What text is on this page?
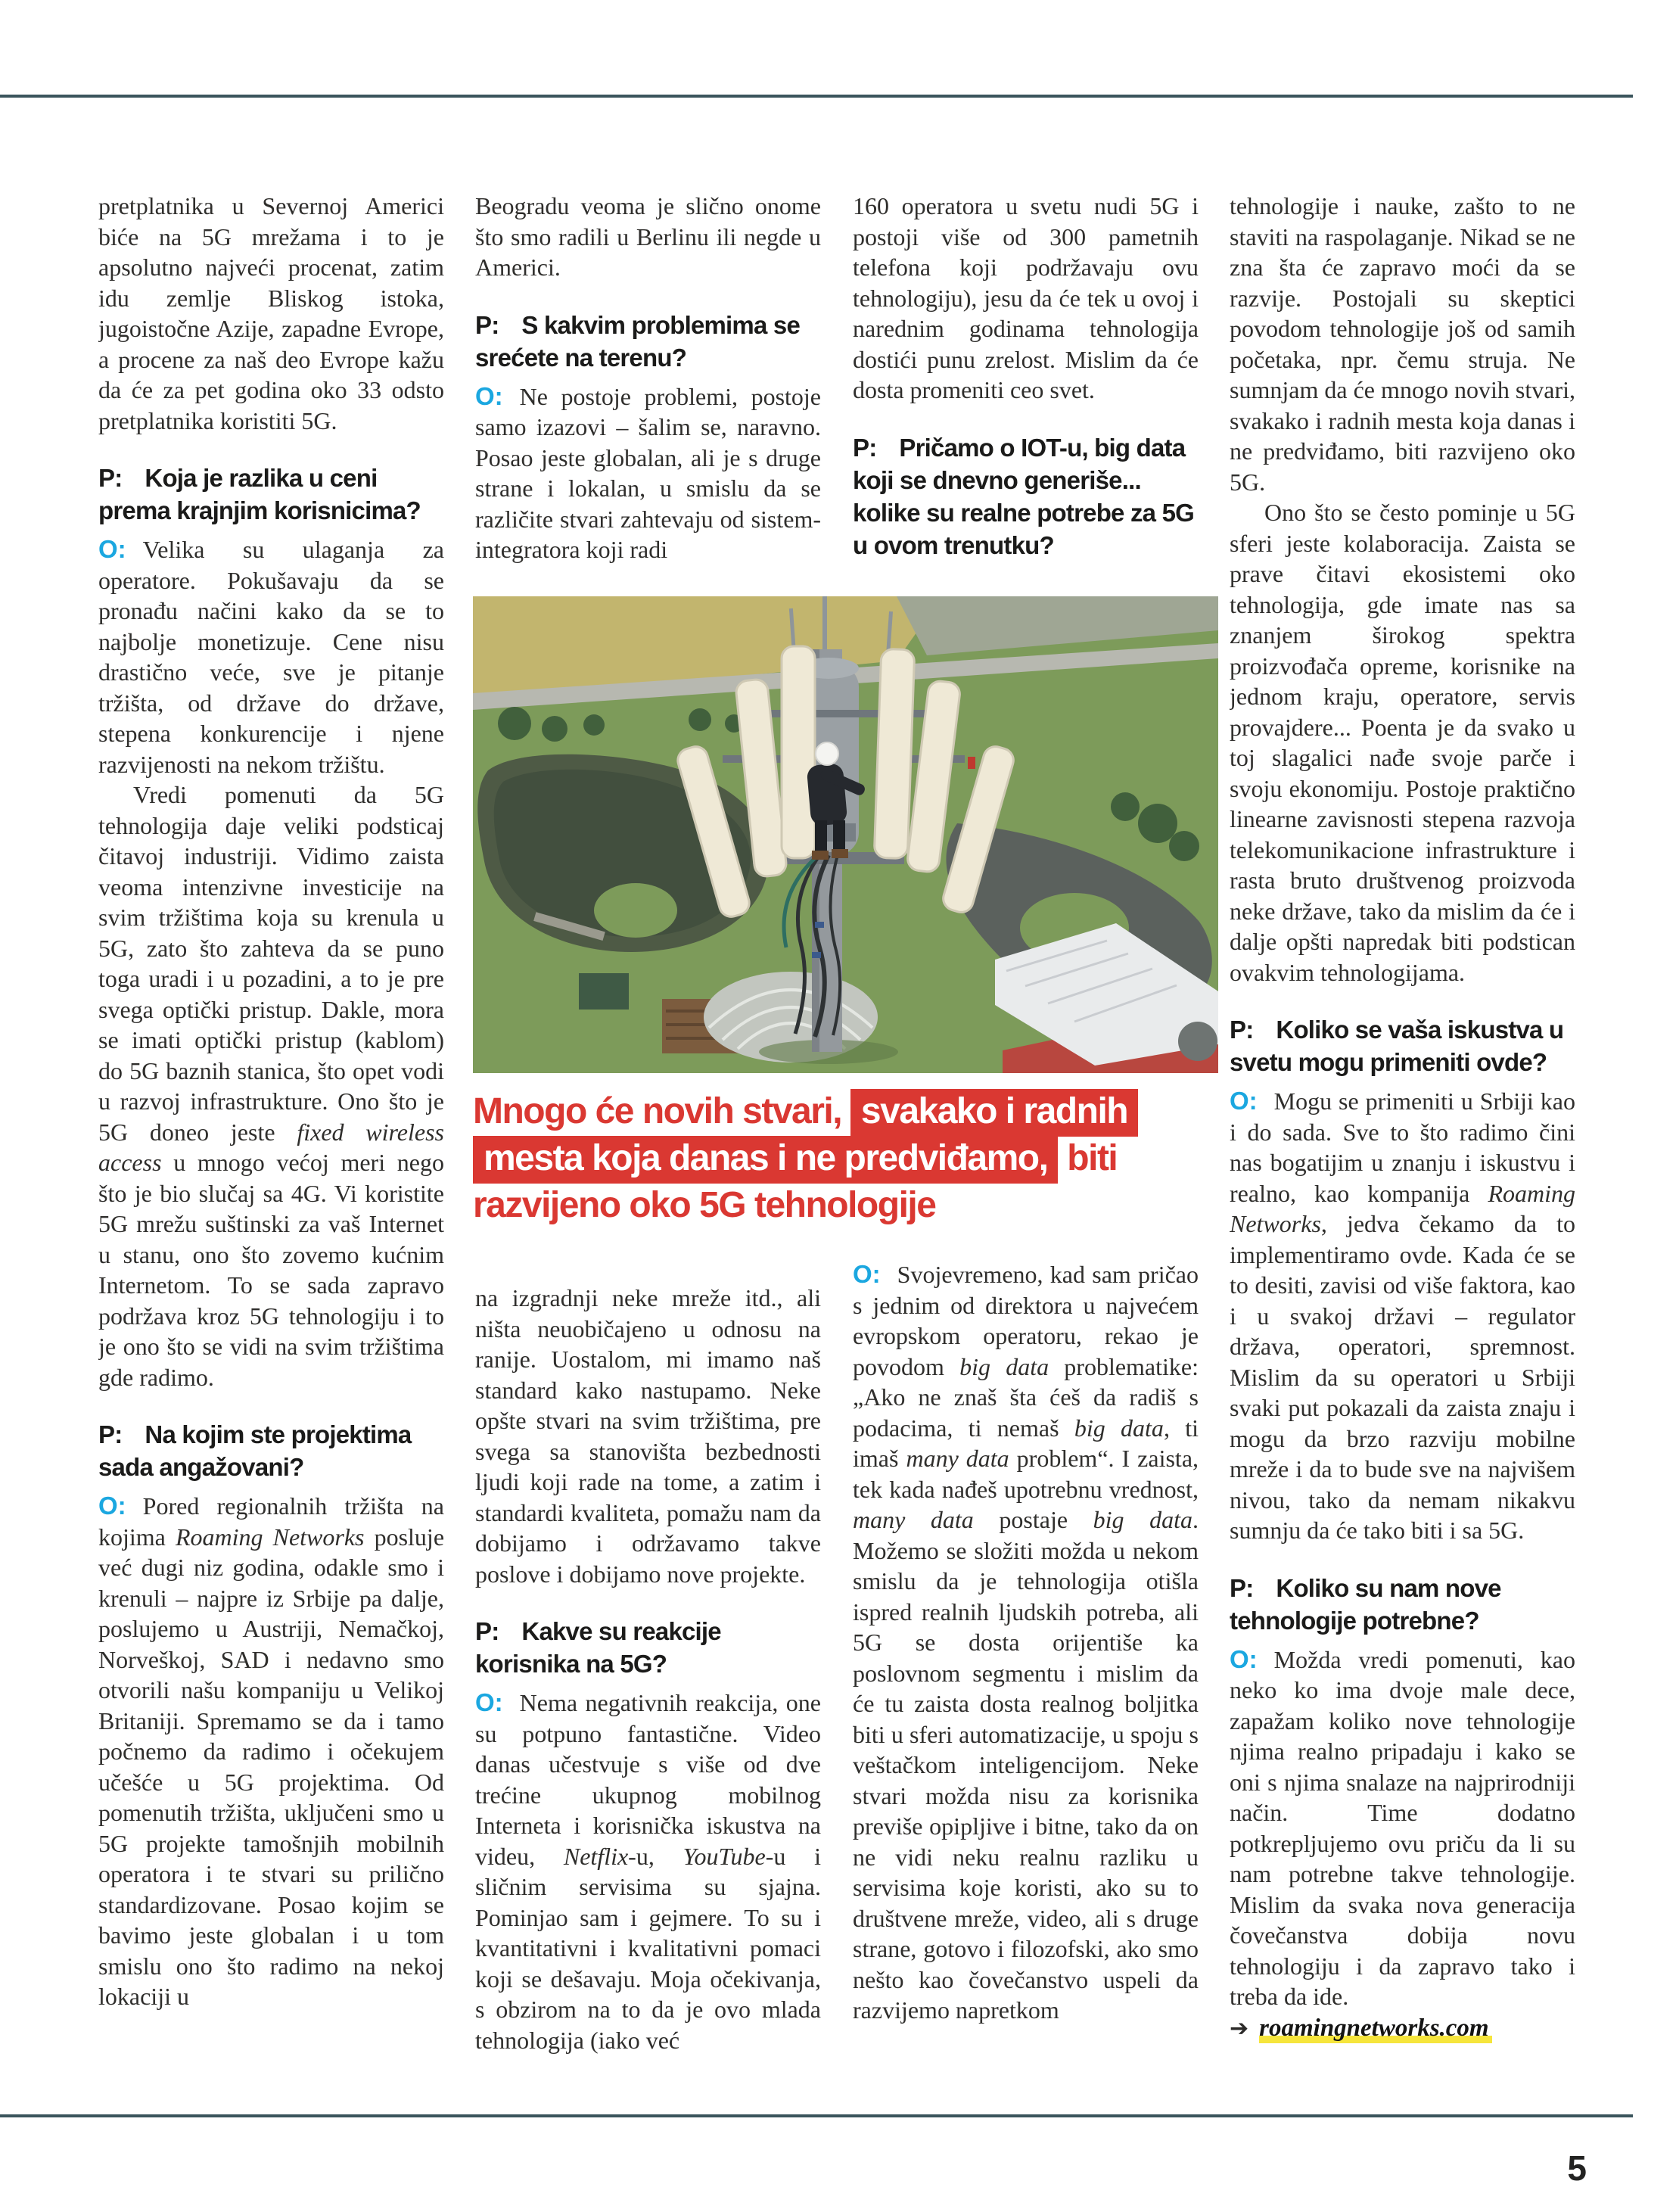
pretplatnika u Severnoj Americi biće na 5G mrežama i to je apsolutno najveći procenat, zatim idu zemlje Bliskog istoka, jugoistočne Azije, zapadne Evrope, a procene za naš deo Evrope kažu da će za pet godina oko 33 odsto pretplatnika koristiti 5G.

P: Koja je razlika u ceni prema krajnjim korisnicima?

O: Velika su ulaganja za operatore. Pokušavaju da se pronađu načini kako da se to najbolje monetizuje. Cene nisu drastično veće, sve je pitanje tržišta, od države do države, stepena konkurencije i njene razvijenosti na nekom tržištu.

Vredi pomenuti da 5G tehnologija daje veliki podsticaj čitavoj industriji. Vidimo zaista veoma intenzivne investicije na svim tržištima koja su krenula u 5G, zato što zahteva da se puno toga uradi i u pozadini, a to je pre svega optički pristup. Dakle, mora se imati optički pristup (kablom) do 5G baznih stanica, što opet vodi u razvoj infrastrukture. Ono što je 5G doneo jeste fixed wireless access u mnogo većoj meri nego što je bio slučaj sa 4G. Vi koristite 5G mrežu suštinski za vaš Internet u stanu, ono što zovemo kućnim Internetom. To se sada zapravo podržava kroz 5G tehnologiju i to je ono što se vidi na svim tržištima gde radimo.

P: Na kojim ste projektima sada angažovani?

O: Pored regionalnih tržišta na kojima Roaming Networks posluje već dugi niz godina, odakle smo i krenuli – najpre iz Srbije pa dalje, poslujemo u Austriji, Nemačkoj, Norveškoj, SAD i nedavno smo otvorili našu kompaniju u Velikoj Britaniji. Spremamo se da i tamo počnemo da radimo i očekujem učešće u 5G projektima. Od pomenutih tržišta, uključeni smo u 5G projekte tamošnjih mobilnih operatora i te stvari su prilično standardizovane. Posao kojim se bavimo jeste globalan i u tom smislu ono što radimo na nekoj lokaciji u

Beogradu veoma je slično onome što smo radili u Berlinu ili negde u Americi.

P: S kakvim problemima se srećete na terenu?

O: Ne postoje problemi, postoje samo izazovi – šalim se, naravno. Posao jeste globalan, ali je s druge strane i lokalan, u smislu da se različite stvari zahtevaju od sistem-integratora koji radi

160 operatora u svetu nudi 5G i postoji više od 300 pametnih telefona koji podržavaju ovu tehnologiju), jesu da će tek u ovoj i narednim godinama tehnologija dostići punu zrelost. Mislim da će dosta promeniti ceo svet.

P: Pričamo o IOT-u, big data koji se dnevno generiše... kolike su realne potrebe za 5G u ovom trenutku?

tehnologije i nauke, zašto to ne staviti na raspolaganje. Nikad se ne zna šta će zapravo moći da se razvije. Postojali su skeptici povodom tehnologije još od samih početaka, npr. čemu struja. Ne sumnjam da će mnogo novih stvari, svakako i radnih mesta koja danas i ne predviđamo, biti razvijeno oko 5G.

Ono što se često pominje u 5G sferi jeste kolaboracija. Zaista se prave čitavi ekosistemi oko tehnologija, gde imate nas sa znanjem širokog spektra proizvođača opreme, korisnike na jednom kraju, operatore, servis provajdere... Poenta je da svako u toj slagalici nađe svoje parče i svoju ekonomiju. Postoje praktično linearne zavisnosti stepena razvoja telekomunikacione infrastrukture i rasta bruto društvenog proizvoda neke države, tako da mislim da će i dalje opšti napredak biti podstican ovakvim tehnologijama.

P: Koliko se vaša iskustva u svetu mogu primeniti ovde?

O: Mogu se primeniti u Srbiji kao i do sada. Sve to što radimo čini nas bogatijim u znanju i iskustvu i realno, kao kompanija Roaming Networks, jedva čekamo da to implementiramo ovde. Kada će se to desiti, zavisi od više faktora, kao i u svakoj državi – regulator država, operatori, spremnost. Mislim da su operatori u Srbiji svaki put pokazali da zaista znaju i mogu da brzo razviju mobilne mreže i da to bude sve na najvišem nivou, tako da nemam nikakvu sumnju da će tako biti i sa 5G.

P: Koliko su nam nove tehnologije potrebne?

O: Možda vredi pomenuti, kao neko ko ima dvoje male dece, zapažam koliko nove tehnologije njima realno pripadaju i kako se oni s njima snalaze na najprirodniji način. Time dodatno potkrepljujemo ovu priču da li su nam potrebne takve tehnologije. Mislim da svaka nova generacija čovečanstva dobija novu tehnologiju i da zapravo tako i treba da ide.

➔ roamingnetworks.com

Mnogo će novih stvari, svakako i radnih
mesta koja danas i ne predviđamo, biti
razvijeno oko 5G tehnologije

na izgradnji neke mreže itd., ali ništa neuobičajeno u odnosu na ranije. Uostalom, mi imamo naš standard kako nastupamo. Neke opšte stvari na svim tržištima, pre svega sa stanovišta bezbednosti ljudi koji rade na tome, a zatim i standardi kvaliteta, pomažu nam da dobijamo i održavamo takve poslove i dobijamo nove projekte.

P: Kakve su reakcije korisnika na 5G?

O: Nema negativnih reakcija, one su potpuno fantastične. Video danas učestvuje s više od dve trećine ukupnog mobilnog Interneta i korisnička iskustva na videu, Netflix-u, YouTube-u i sličnim servisima su sjajna. Pominjao sam i gejmere. To su i kvantitativni i kvalitativni pomaci koji se dešavaju. Moja očekivanja, s obzirom na to da je ovo mlada tehnologija (iako već

O: Svojevremeno, kad sam pričao s jednim od direktora u najvećem evropskom operatoru, rekao je povodom big data problematike: „Ako ne znaš šta ćeš da radiš s podacima, ti nemaš big data, ti imaš many data problem“. I zaista, tek kada nađeš upotrebnu vrednost, many data postaje big data. Možemo se složiti možda u nekom smislu da je tehnologija otišla ispred realnih ljudskih potreba, ali 5G se dosta orijentiše ka poslovnom segmentu i mislim da će tu zaista dosta realnog boljitka biti u sferi automatizacije, u spoju s veštačkom inteligencijom. Neke stvari možda nisu za korisnika previše opipljive i bitne, tako da on ne vidi neku realnu razliku u servisima koje koristi, ako su to društvene mreže, video, ali s druge strane, gotovo i filozofski, ako smo nešto kao čovečanstvo uspeli da razvijemo napretkom

5
